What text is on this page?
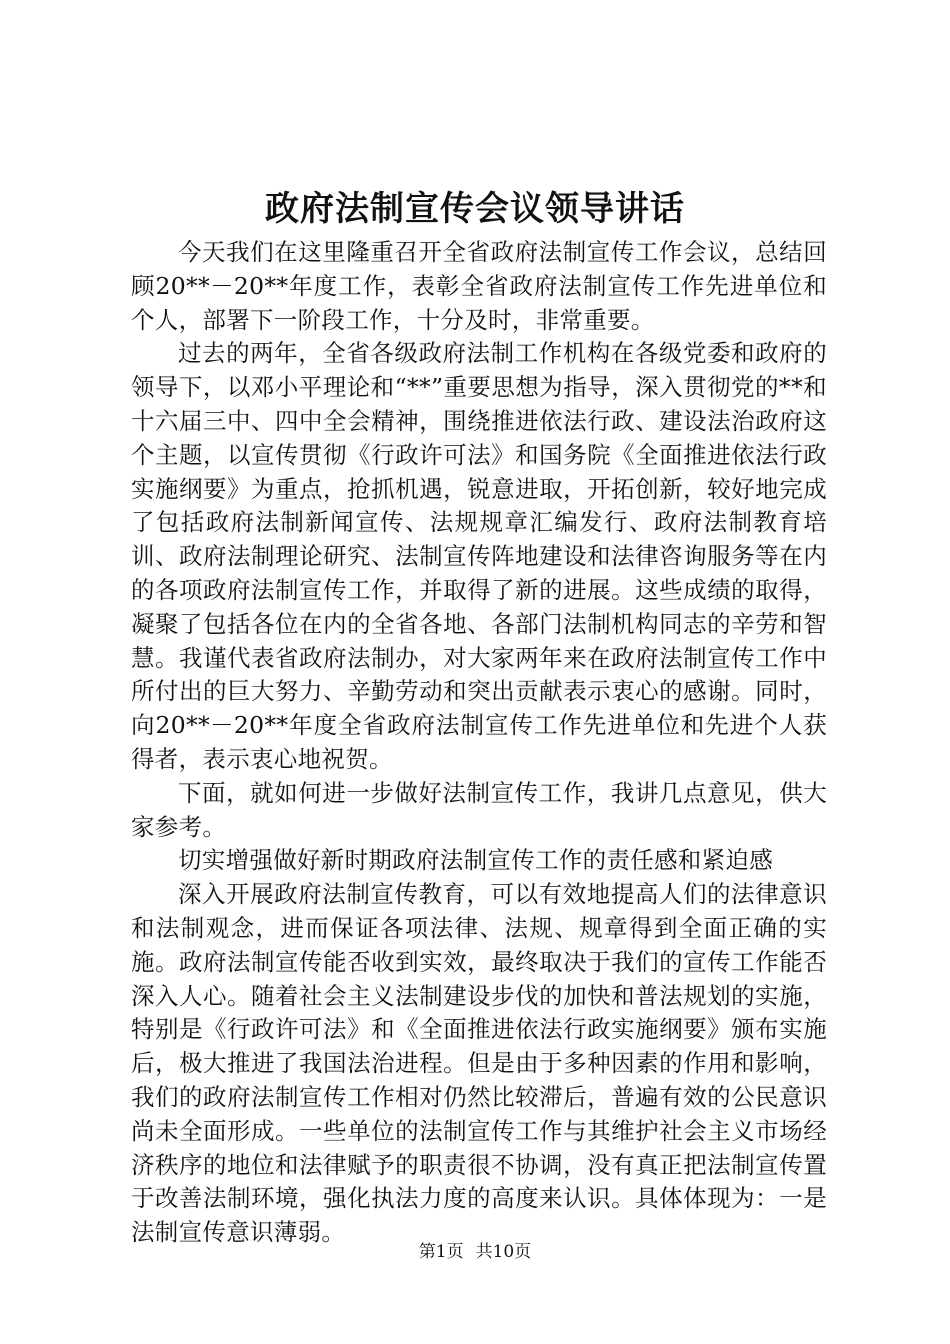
政府法制宣传会议领导讲话

今天我们在这里隆重召开全省政府法制宣传工作会议，总结回顾20**－20**年度工作，表彰全省政府法制宣传工作先进单位和个人，部署下一阶段工作，十分及时，非常重要。

过去的两年，全省各级政府法制工作机构在各级党委和政府的领导下，以邓小平理论和“**”重要思想为指导，深入贯彻党的**和十六届三中、四中全会精神，围绕推进依法行政、建设法治政府这个主题，以宣传贯彻《行政许可法》和国务院《全面推进依法行政实施纲要》为重点，抢抓机遇，锐意进取，开拓创新，较好地完成了包括政府法制新闻宣传、法规规章汇编发行、政府法制教育培训、政府法制理论研究、法制宣传阵地建设和法律咨询服务等在内的各项政府法制宣传工作，并取得了新的进展。这些成绩的取得，凝聚了包括各位在内的全省各地、各部门法制机构同志的辛劳和智慧。我谨代表省政府法制办，对大家两年来在政府法制宣传工作中所付出的巨大努力、辛勤劳动和突出贡献表示衷心的感谢。同时，向20**－20**年度全省政府法制宣传工作先进单位和先进个人获得者，表示衷心地祝贺。

下面，就如何进一步做好法制宣传工作，我讲几点意见，供大家参考。

切实增强做好新时期政府法制宣传工作的责任感和紧迫感

深入开展政府法制宣传教育，可以有效地提高人们的法律意识和法制观念，进而保证各项法律、法规、规章得到全面正确的实施。政府法制宣传能否收到实效，最终取决于我们的宣传工作能否深入人心。随着社会主义法制建设步伐的加快和普法规划的实施，特别是《行政许可法》和《全面推进依法行政实施纲要》颁布实施后，极大推进了我国法治进程。但是由于多种因素的作用和影响，我们的政府法制宣传工作相对仍然比较滞后，普遍有效的公民意识尚未全面形成。一些单位的法制宣传工作与其维护社会主义市场经济秩序的地位和法律赋予的职责很不协调，没有真正把法制宣传置于改善法制环境，强化执法力度的高度来认识。具体体现为：一是法制宣传意识薄弱。

第1页 共10页
